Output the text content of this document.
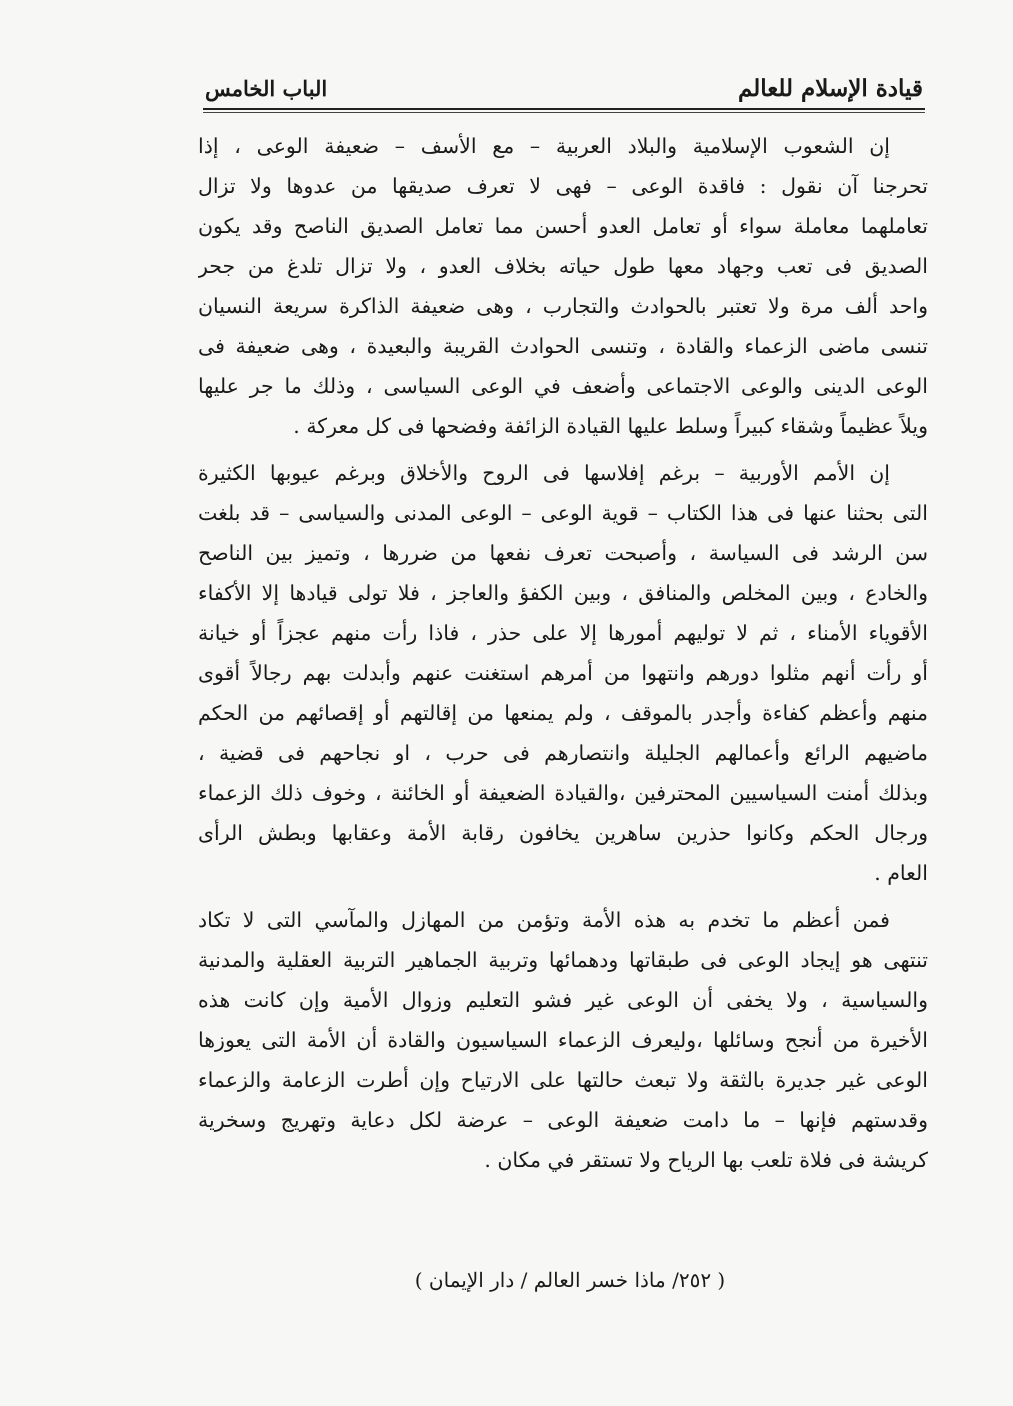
الباب الخامس	قيادة الإسلام للعالم
إن الشعوب الإسلامية والبلاد العربية – مع الأسف – ضعيفة الوعى ، إذا
تحرجنا آن نقول : فاقدة الوعى – فهى لا تعرف صديقها من عدوها ولا تزال
تعاملهما معاملة سواء أو تعامل العدو أحسن مما تعامل الصديق الناصح وقد يكون
الصديق فى تعب وجهاد معها طول حياته بخلاف العدو ، ولا تزال تلدغ من جحر
واحد ألف مرة ولا تعتبر بالحوادث والتجارب ، وهى ضعيفة الذاكرة سريعة النسيان
تنسى ماضى الزعماء والقادة ، وتنسى الحوادث القريبة والبعيدة ، وهى ضعيفة فى
الوعى الدينى والوعى الاجتماعى وأضعف في الوعى السياسى ، وذلك ما جر عليها
ويلاً عظيماً وشقاء كبيراً وسلط عليها القيادة الزائفة وفضحها فى كل معركة .
إن الأمم الأوربية – برغم إفلاسها فى الروح والأخلاق وبرغم عيوبها الكثيرة
التى بحثنا عنها فى هذا الكتاب – قوية الوعى – الوعى المدنى والسياسى – قد بلغت
سن الرشد فى السياسة ، وأصبحت تعرف نفعها من ضررها ، وتميز بين الناصح
والخادع ، وبين المخلص والمنافق ، وبين الكفؤ والعاجز ، فلا تولى قيادها إلا الأكفاء
الأقوياء الأمناء ، ثم لا توليهم أمورها إلا على حذر ، فاذا رأت منهم عجزاً أو خيانة
أو رأت أنهم مثلوا دورهم وانتهوا من أمرهم استغنت عنهم وأبدلت بهم رجالاً أقوى
منهم وأعظم كفاءة وأجدر بالموقف ، ولم يمنعها من إقالتهم أو إقصائهم من الحكم
ماضيهم الرائع وأعمالهم الجليلة وانتصارهم فى حرب ، او نجاحهم فى قضية ،
وبذلك أمنت السياسيين المحترفين ،والقيادة الضعيفة أو الخائنة ، وخوف ذلك الزعماء
ورجال الحكم وكانوا حذرين ساهرين يخافون رقابة الأمة وعقابها وبطش الرأى
العام .
فمن أعظم ما تخدم به هذه الأمة وتؤمن من المهازل والمآسي التى لا تكاد
تنتهى هو إيجاد الوعى فى طبقاتها ودهمائها وتربية الجماهير التربية العقلية والمدنية
والسياسية ، ولا يخفى أن الوعى غير فشو التعليم وزوال الأمية وإن كانت هذه
الأخيرة من أنجح وسائلها ،وليعرف الزعماء السياسيون والقادة أن الأمة التى يعوزها
الوعى غير جديرة بالثقة ولا تبعث حالتها على الارتياح وإن أطرت الزعامة والزعماء
وقدستهم فإنها – ما دامت ضعيفة الوعى – عرضة لكل دعاية وتهريج وسخرية
كريشة فى فلاة تلعب بها الرياح ولا تستقر في مكان .
( ٢٥٢/ ماذا خسر العالم / دار الإيمان )
